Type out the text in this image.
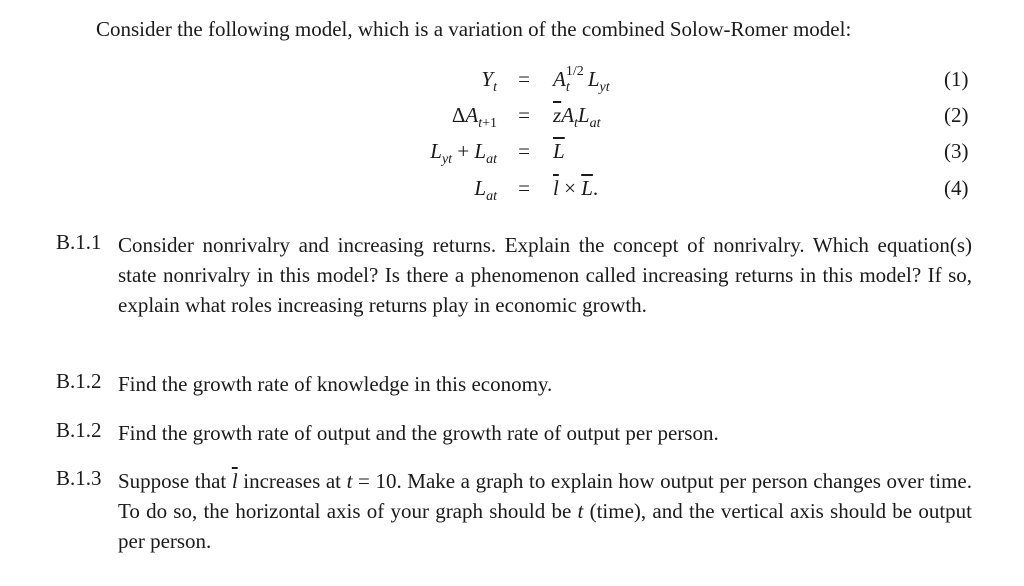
Consider the following model, which is a variation of the combined Solow-Romer model:
$Y_t = A$ 1/2
t $L_{yt}$	(1)
$\Delta A_{t+1} = \overline{z}A_tL_{at}$	(2)
$L_{yt} + L_{at} = \overline{L}$	(3)
$L_{at} = \overline{l} \times \overline{L}$.	(4)
B.1.1 Consider nonrivalry and increasing returns. Explain the concept of nonrivalry. Which equation(s) state nonrivalry in this model? Is there a phenomenon called increasing returns in this model? If so, explain what roles increasing returns play in economic growth.
B.1.2 Find the growth rate of knowledge in this economy.
B.1.2 Find the growth rate of output and the growth rate of output per person.
B.1.3 Suppose that $\overline{l}$ increases at t = 10. Make a graph to explain how output per person changes over time. To do so, the horizontal axis of your graph should be t (time), and the vertical axis should be output per person.
